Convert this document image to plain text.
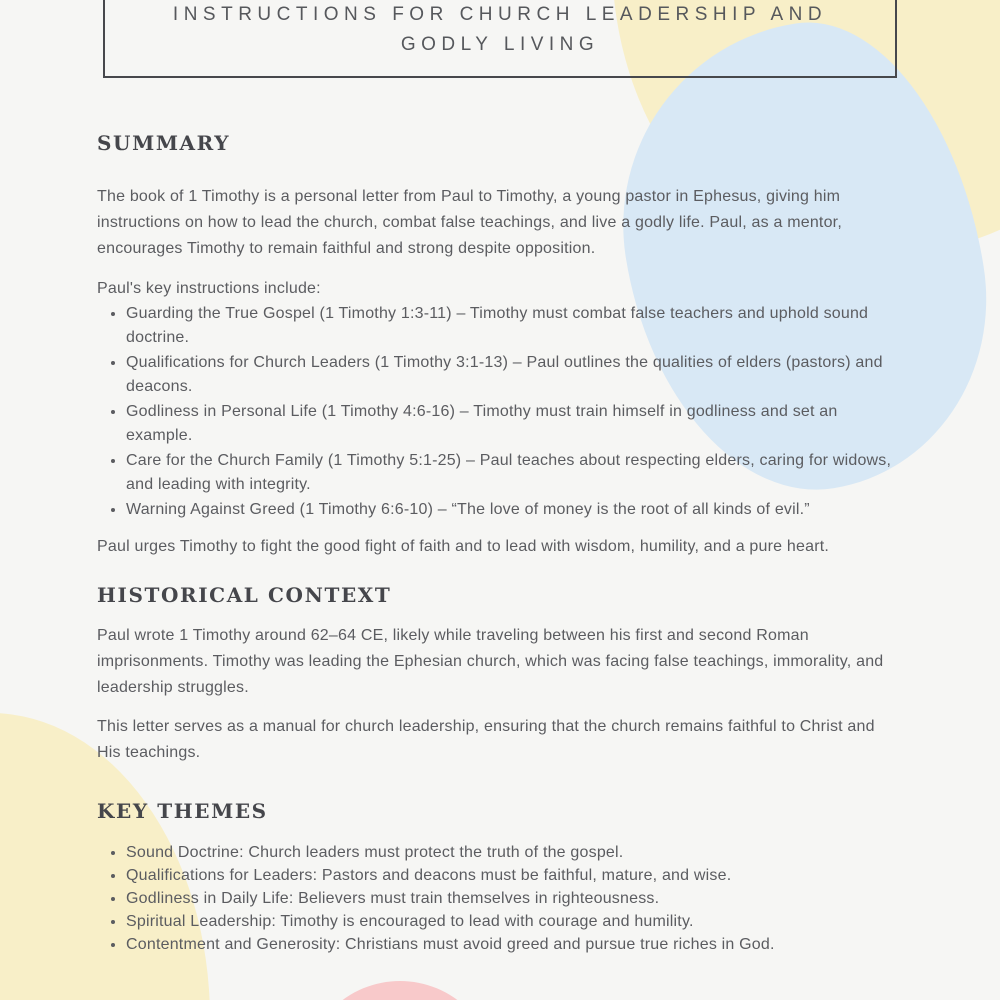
INSTRUCTIONS FOR CHURCH LEADERSHIP AND
GODLY LIVING
SUMMARY

The book of 1 Timothy is a personal letter from Paul to Timothy, a young pastor in Ephesus, giving him instructions on how to lead the church, combat false teachings, and live a godly life. Paul, as a mentor, encourages Timothy to remain faithful and strong despite opposition.

Paul's key instructions include:

Guarding the True Gospel (1 Timothy 1:3-11) – Timothy must combat false teachers and uphold sound doctrine.
Qualifications for Church Leaders (1 Timothy 3:1-13) – Paul outlines the qualities of elders (pastors) and deacons.
Godliness in Personal Life (1 Timothy 4:6-16) – Timothy must train himself in godliness and set an example.
Care for the Church Family (1 Timothy 5:1-25) – Paul teaches about respecting elders, caring for widows, and leading with integrity.
Warning Against Greed (1 Timothy 6:6-10) – “The love of money is the root of all kinds of evil.”

Paul urges Timothy to fight the good fight of faith and to lead with wisdom, humility, and a pure heart.

HISTORICAL CONTEXT

Paul wrote 1 Timothy around 62–64 CE, likely while traveling between his first and second Roman imprisonments. Timothy was leading the Ephesian church, which was facing false teachings, immorality, and leadership struggles.

This letter serves as a manual for church leadership, ensuring that the church remains faithful to Christ and His teachings.

KEY THEMES
Sound Doctrine: Church leaders must protect the truth of the gospel.
Qualifications for Leaders: Pastors and deacons must be faithful, mature, and wise.
Godliness in Daily Life: Believers must train themselves in righteousness.
Spiritual Leadership: Timothy is encouraged to lead with courage and humility.
Contentment and Generosity: Christians must avoid greed and pursue true riches in God.
